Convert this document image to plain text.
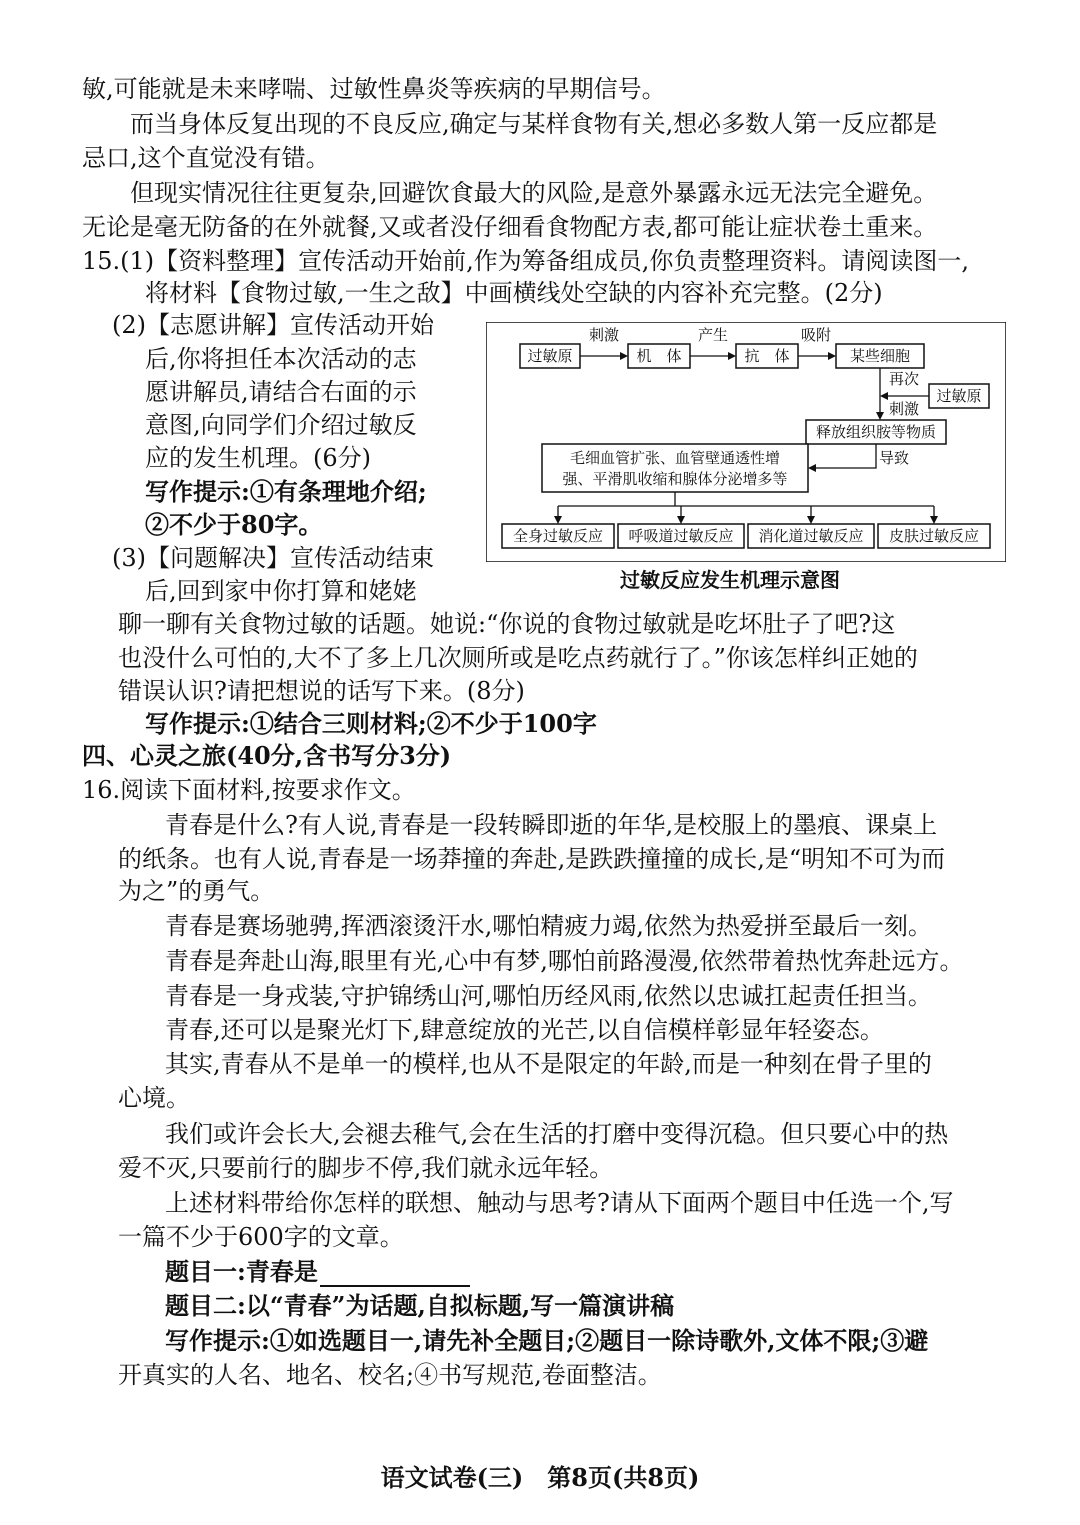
敏,可能就是未来哮喘、过敏性鼻炎等疾病的早期信号。
而当身体反复出现的不良反应,确定与某样食物有关,想必多数人第一反应都是
忌口,这个直觉没有错。
但现实情况往往更复杂,回避饮食最大的风险,是意外暴露永远无法完全避免。
无论是毫无防备的在外就餐,又或者没仔细看食物配方表,都可能让症状卷土重来。
15.(1)【资料整理】宣传活动开始前,作为筹备组成员,你负责整理资料。请阅读图一,
将材料【食物过敏,一生之敌】中画横线处空缺的内容补充完整。(2分)
(2)【志愿讲解】宣传活动开始
后,你将担任本次活动的志
愿讲解员,请结合右面的示
意图,向同学们介绍过敏反
应的发生机理。(6分)
写作提示:①有条理地介绍;
②不少于80字。
(3)【问题解决】宣传活动结束
后,回到家中你打算和姥姥
聊一聊有关食物过敏的话题。她说:“你说的食物过敏就是吃坏肚子了吧?这
也没什么可怕的,大不了多上几次厕所或是吃点药就行了。”你该怎样纠正她的
错误认识?请把想说的话写下来。(8分)
写作提示:①结合三则材料;②不少于100字
过敏原	机　体	抗　体	某些细胞
过敏原
释放组织胺等物质
毛细血管扩张、血管壁通透性增
强、平滑肌收缩和腺体分泌增多等
全身过敏反应 呼吸道过敏反应 消化道过敏反应 皮肤过敏反应
刺激	产生	吸附
再次
刺激
导致
过敏反应发生机理示意图
四、心灵之旅(40分,含书写分3分)
16.阅读下面材料,按要求作文。
青春是什么?有人说,青春是一段转瞬即逝的年华,是校服上的墨痕、课桌上
的纸条。也有人说,青春是一场莽撞的奔赴,是跌跌撞撞的成长,是“明知不可为而
为之”的勇气。
青春是赛场驰骋,挥洒滚烫汗水,哪怕精疲力竭,依然为热爱拼至最后一刻。
青春是奔赴山海,眼里有光,心中有梦,哪怕前路漫漫,依然带着热忱奔赴远方。
青春是一身戎装,守护锦绣山河,哪怕历经风雨,依然以忠诚扛起责任担当。
青春,还可以是聚光灯下,肆意绽放的光芒,以自信模样彰显年轻姿态。
其实,青春从不是单一的模样,也从不是限定的年龄,而是一种刻在骨子里的
心境。
我们或许会长大,会褪去稚气,会在生活的打磨中变得沉稳。但只要心中的热
爱不灭,只要前行的脚步不停,我们就永远年轻。
上述材料带给你怎样的联想、触动与思考?请从下面两个题目中任选一个,写
一篇不少于600字的文章。
题目一:青春是
题目二:以“青春”为话题,自拟标题,写一篇演讲稿
写作提示:①如选题目一,请先补全题目;②题目一除诗歌外,文体不限;③避
开真实的人名、地名、校名;④书写规范,卷面整洁。
语文试卷(三)　第8页(共8页)
